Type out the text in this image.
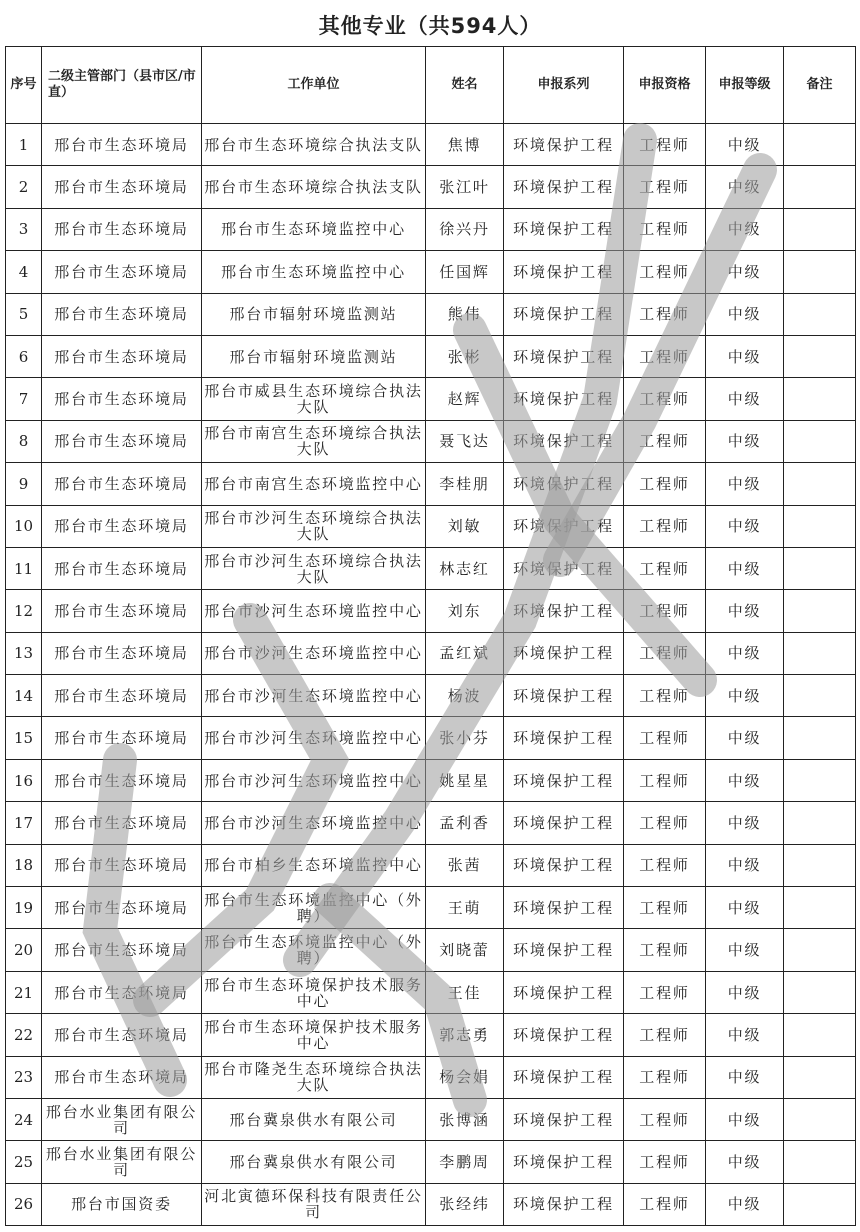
其他专业（共594人）
序号	二级主管部门（县市区/市直）	工作单位	姓名	申报系列	申报资格	申报等级	备注
1	邢台市生态环境局	邢台市生态环境综合执法支队	焦博	环境保护工程	工程师	中级	
2	邢台市生态环境局	邢台市生态环境综合执法支队	张江叶	环境保护工程	工程师	中级	
3	邢台市生态环境局	邢台市生态环境监控中心	徐兴丹	环境保护工程	工程师	中级	
4	邢台市生态环境局	邢台市生态环境监控中心	任国辉	环境保护工程	工程师	中级	
5	邢台市生态环境局	邢台市辐射环境监测站	熊伟	环境保护工程	工程师	中级	
6	邢台市生态环境局	邢台市辐射环境监测站	张彬	环境保护工程	工程师	中级	
7	邢台市生态环境局	邢台市威县生态环境综合执法大队	赵辉	环境保护工程	工程师	中级	
8	邢台市生态环境局	邢台市南宫生态环境综合执法大队	聂飞达	环境保护工程	工程师	中级	
9	邢台市生态环境局	邢台市南宫生态环境监控中心	李桂朋	环境保护工程	工程师	中级	
10	邢台市生态环境局	邢台市沙河生态环境综合执法大队	刘敏	环境保护工程	工程师	中级	
11	邢台市生态环境局	邢台市沙河生态环境综合执法大队	林志红	环境保护工程	工程师	中级	
12	邢台市生态环境局	邢台市沙河生态环境监控中心	刘东	环境保护工程	工程师	中级	
13	邢台市生态环境局	邢台市沙河生态环境监控中心	孟红斌	环境保护工程	工程师	中级	
14	邢台市生态环境局	邢台市沙河生态环境监控中心	杨波	环境保护工程	工程师	中级	
15	邢台市生态环境局	邢台市沙河生态环境监控中心	张小芬	环境保护工程	工程师	中级	
16	邢台市生态环境局	邢台市沙河生态环境监控中心	姚星星	环境保护工程	工程师	中级	
17	邢台市生态环境局	邢台市沙河生态环境监控中心	孟利香	环境保护工程	工程师	中级	
18	邢台市生态环境局	邢台市柏乡生态环境监控中心	张茜	环境保护工程	工程师	中级	
19	邢台市生态环境局	邢台市生态环境监控中心（外聘）	王萌	环境保护工程	工程师	中级	
20	邢台市生态环境局	邢台市生态环境监控中心（外聘）	刘晓蕾	环境保护工程	工程师	中级	
21	邢台市生态环境局	邢台市生态环境保护技术服务中心	王佳	环境保护工程	工程师	中级	
22	邢台市生态环境局	邢台市生态环境保护技术服务中心	郭志勇	环境保护工程	工程师	中级	
23	邢台市生态环境局	邢台市隆尧生态环境综合执法大队	杨会娟	环境保护工程	工程师	中级	
24	邢台水业集团有限公司	邢台冀泉供水有限公司	张博涵	环境保护工程	工程师	中级	
25	邢台水业集团有限公司	邢台冀泉供水有限公司	李鹏周	环境保护工程	工程师	中级	
26	邢台市国资委	河北寅德环保科技有限责任公司	张经纬	环境保护工程	工程师	中级	
